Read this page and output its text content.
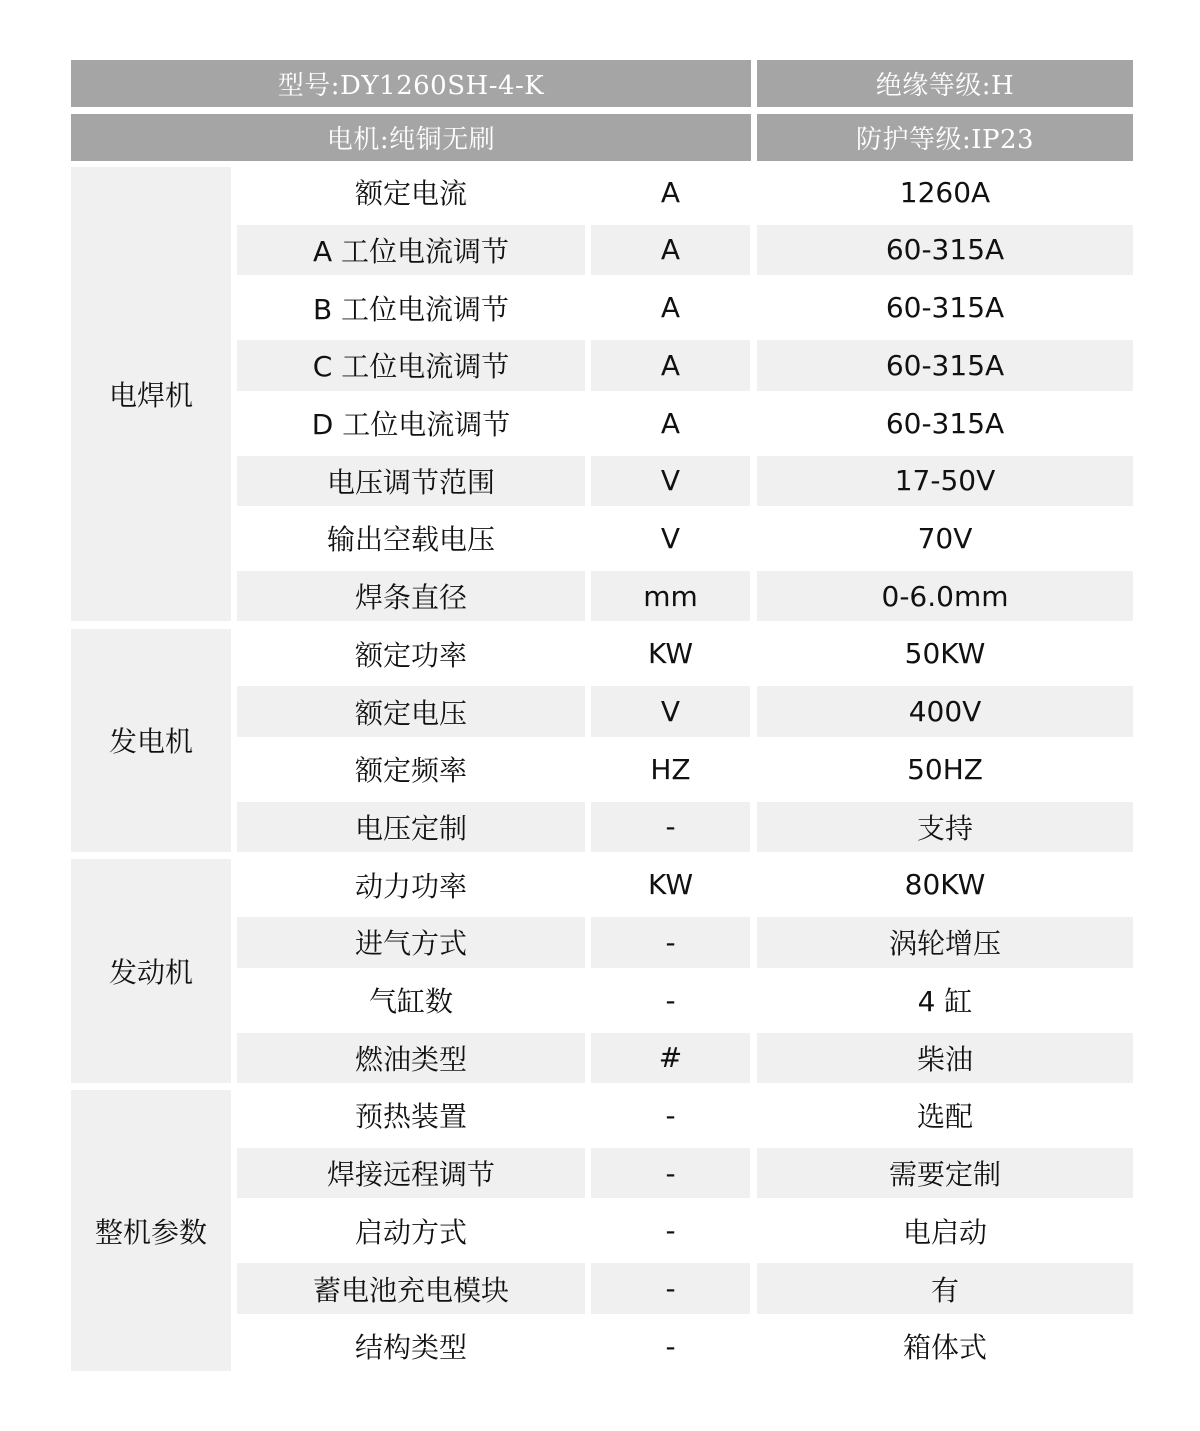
型号:DY1260SH-4-K	绝缘等级:H
电机:纯铜无刷	防护等级:IP23
电焊机
额定电流	A	1260A
A 工位电流调节	A	60-315A
B 工位电流调节	A	60-315A
C 工位电流调节	A	60-315A
D 工位电流调节	A	60-315A
电压调节范围	V	17-50V
输出空载电压	V	70V
焊条直径	mm	0-6.0mm
发电机
额定功率	KW	50KW
额定电压	V	400V
额定频率	HZ	50HZ
电压定制	-	支持
发动机
动力功率	KW	80KW
进气方式	-	涡轮增压
气缸数	-	4 缸
燃油类型	#	柴油
整机参数
预热装置	-	选配
焊接远程调节	-	需要定制
启动方式	-	电启动
蓄电池充电模块	-	有
结构类型	-	箱体式
